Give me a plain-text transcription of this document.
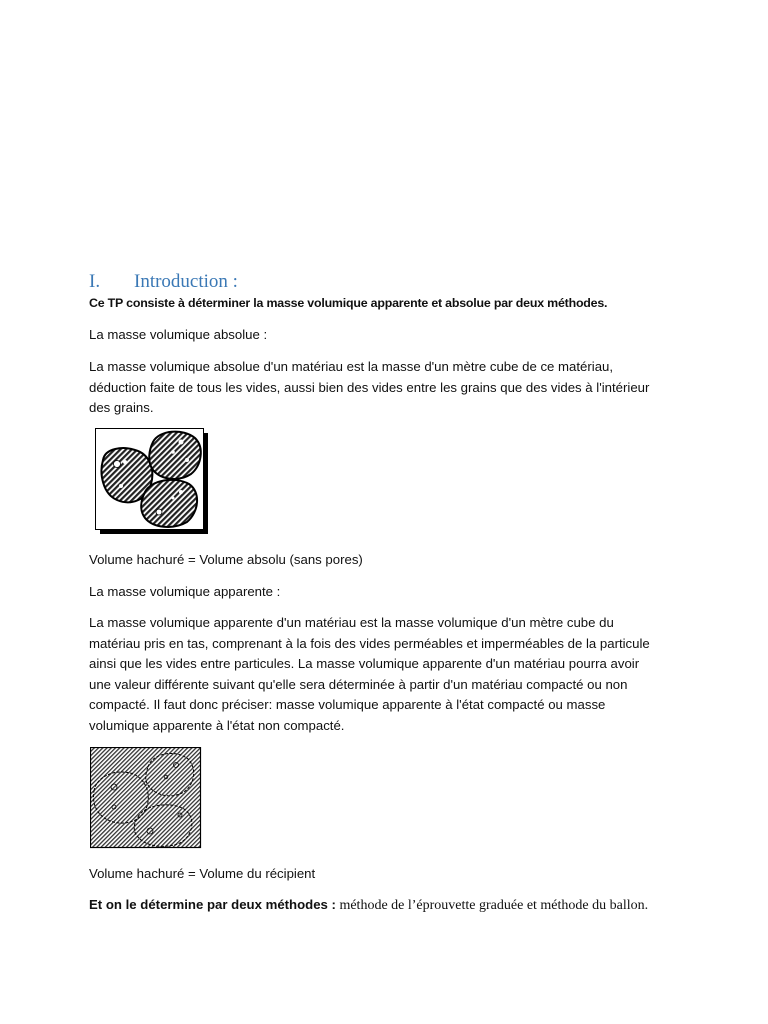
I. Introduction :
Ce TP consiste à déterminer la masse volumique apparente et absolue par deux méthodes.
La masse volumique absolue :
La masse volumique absolue d'un matériau est la masse d'un mètre cube de ce matériau,
déduction faite de tous les vides, aussi bien des vides entre les grains que des vides à l'intérieur
des grains.
Volume hachuré = Volume absolu (sans pores)
La masse volumique apparente :
La masse volumique apparente d'un matériau est la masse volumique d'un mètre cube du
matériau pris en tas, comprenant à la fois des vides perméables et imperméables de la particule
ainsi que les vides entre particules. La masse volumique apparente d'un matériau pourra avoir
une valeur différente suivant qu'elle sera déterminée à partir d'un matériau compacté ou non
compacté. Il faut donc préciser: masse volumique apparente à l'état compacté ou masse
volumique apparente à l'état non compacté.
Volume hachuré = Volume du récipient
Et on le détermine par deux méthodes : méthode de l’éprouvette graduée et méthode du ballon.
